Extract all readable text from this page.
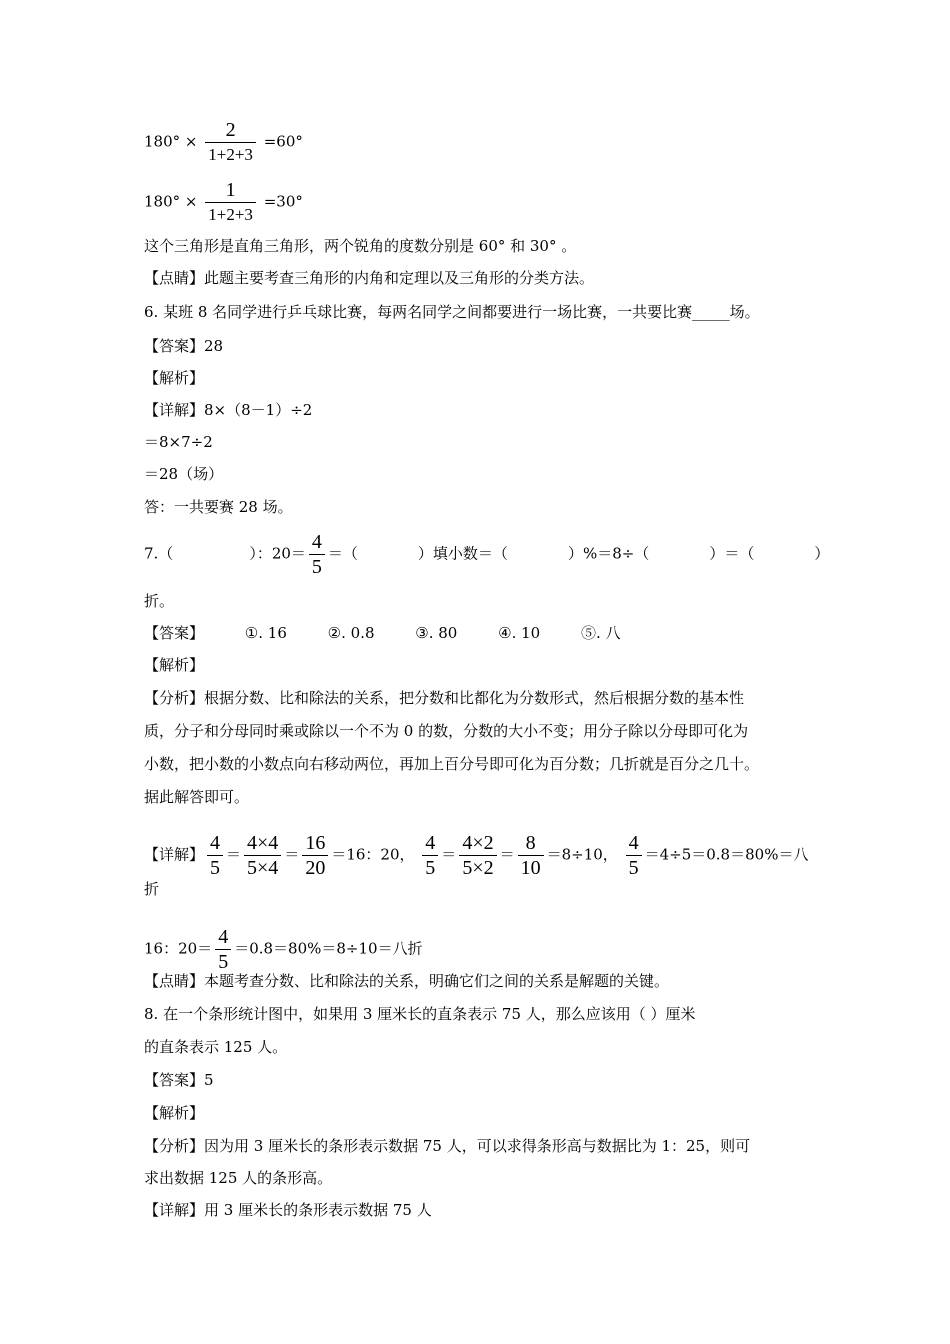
$180^\circ \times \frac{2}{1+2+3} =60^\circ$
$180^\circ \times \frac{1}{1+2+3} =30^\circ$
这个三角形是直角三角形，两个锐角的度数分别是 60° 和 30° 。
【点睛】此题主要考查三角形的内角和定理以及三角形的分类方法。
6. 某班 8 名同学进行乒乓球比赛，每两名同学之间都要进行一场比赛，一共要比赛_____场。
【答案】28
【解析】
【详解】8×（8－1）÷2
＝8×7÷2
＝28（场）
答：一共要赛 28 场。
7.（	）：$20= \frac{4}{5}$ ＝（	）填小数＝（	）%＝8÷（	）＝（	）
折。
【答案】	①. 16	②. 0.8	③. 80	④. 10	⑤. 八
【解析】
【分析】根据分数、比和除法的关系，把分数和比都化为分数形式，然后根据分数的基本性
质，分子和分母同时乘或除以一个不为 0 的数，分数的大小不变；用分子除以分母即可化为
小数，把小数的小数点向右移动两位，再加上百分号即可化为百分数；几折就是百分之几十。
据此解答即可。
【详解】 $\frac{4}{5} = \frac{4\times 4}{5\times 4} = \frac{16}{20} =16$：20， $\frac{4}{5} = \frac{4\times 2}{5\times 2} = \frac{8}{10} =8\div 10$， $\frac{4}{5} =4\div 5=0.8=80\%=$八
折
16：$20= \frac{4}{5} =0.8=80\%=8\div 10=$八折
【点睛】本题考查分数、比和除法的关系，明确它们之间的关系是解题的关键。
8. 在一个条形统计图中，如果用 3 厘米长的直条表示 75 人，那么应该用（ ）厘米
的直条表示 125 人。
【答案】5
【解析】
【分析】因为用 3 厘米长的条形表示数据 75 人，可以求得条形高与数据比为 1：25，则可
求出数据 125 人的条形高。
【详解】用 3 厘米长的条形表示数据 75 人
